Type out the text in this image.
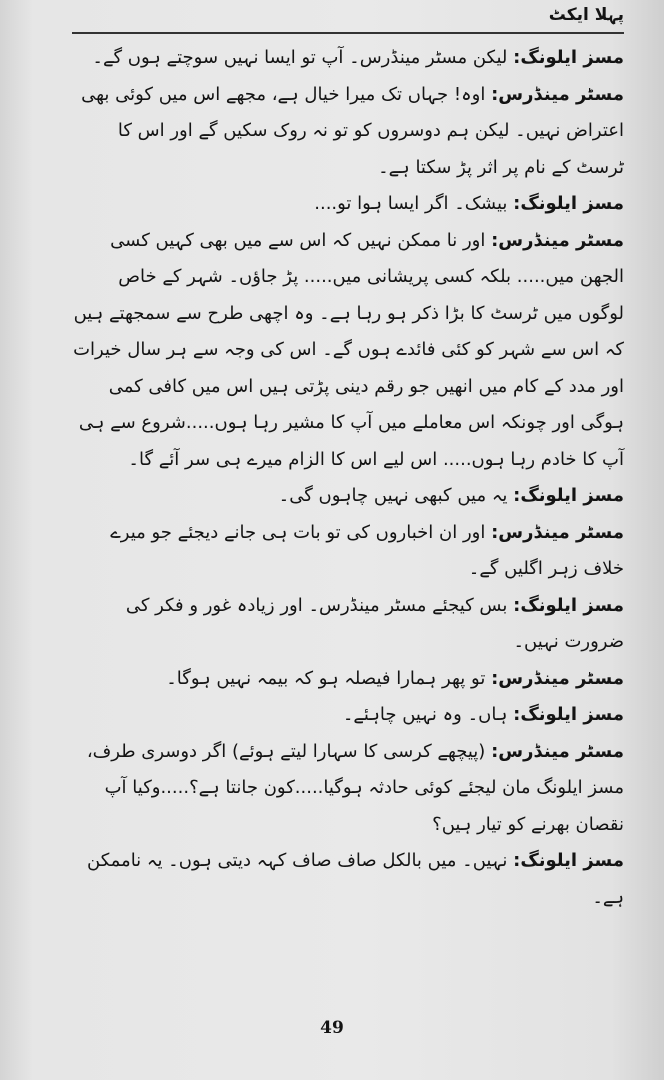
پہلا ایکٹ

مسز ایلونگ: لیکن مسٹر مینڈرس۔ آپ تو ایسا نہیں سوچتے ہوں گے۔

مسٹر مینڈرس: اوہ! جہاں تک میرا خیال ہے، مجھے اس میں کوئی بھی اعتراض نہیں۔ لیکن ہم دوسروں کو تو نہ روک سکیں گے اور اس کا ٹرسٹ کے نام پر اثر پڑ سکتا ہے۔

مسز ایلونگ: بیشک۔ اگر ایسا ہوا تو....

مسٹر مینڈرس: اور نا ممکن نہیں کہ اس سے میں بھی کہیں کسی الجھن میں..... بلکہ کسی پریشانی میں..... پڑ جاؤں۔ شہر کے خاص لوگوں میں ٹرسٹ کا بڑا ذکر ہو رہا ہے۔ وہ اچھی طرح سے سمجھتے ہیں کہ اس سے شہر کو کئی فائدے ہوں گے۔ اس کی وجہ سے ہر سال خیرات اور مدد کے کام میں انھیں جو رقم دینی پڑتی ہیں اس میں کافی کمی ہوگی اور چونکہ اس معاملے میں آپ کا مشیر رہا ہوں.....شروع سے ہی آپ کا خادم رہا ہوں..... اس لیے اس کا الزام میرے ہی سر آئے گا۔

مسز ایلونگ: یہ میں کبھی نہیں چاہوں گی۔

مسٹر مینڈرس: اور ان اخباروں کی تو بات ہی جانے دیجئے جو میرے خلاف زہر اگلیں گے۔

مسز ایلونگ: بس کیجئے مسٹر مینڈرس۔ اور زیادہ غور و فکر کی ضرورت نہیں۔

مسٹر مینڈرس: تو پھر ہمارا فیصلہ ہو کہ بیمہ نہیں ہوگا۔

مسز ایلونگ: ہاں۔ وہ نہیں چاہئے۔

مسٹر مینڈرس: (پیچھے کرسی کا سہارا لیتے ہوئے) اگر دوسری طرف، مسز ایلونگ مان لیجئے کوئی حادثہ ہوگیا.....کون جانتا ہے؟.....وکیا آپ نقصان بھرنے کو تیار ہیں؟

مسز ایلونگ: نہیں۔ میں بالکل صاف صاف کہہ دیتی ہوں۔ یہ ناممکن ہے۔

49
